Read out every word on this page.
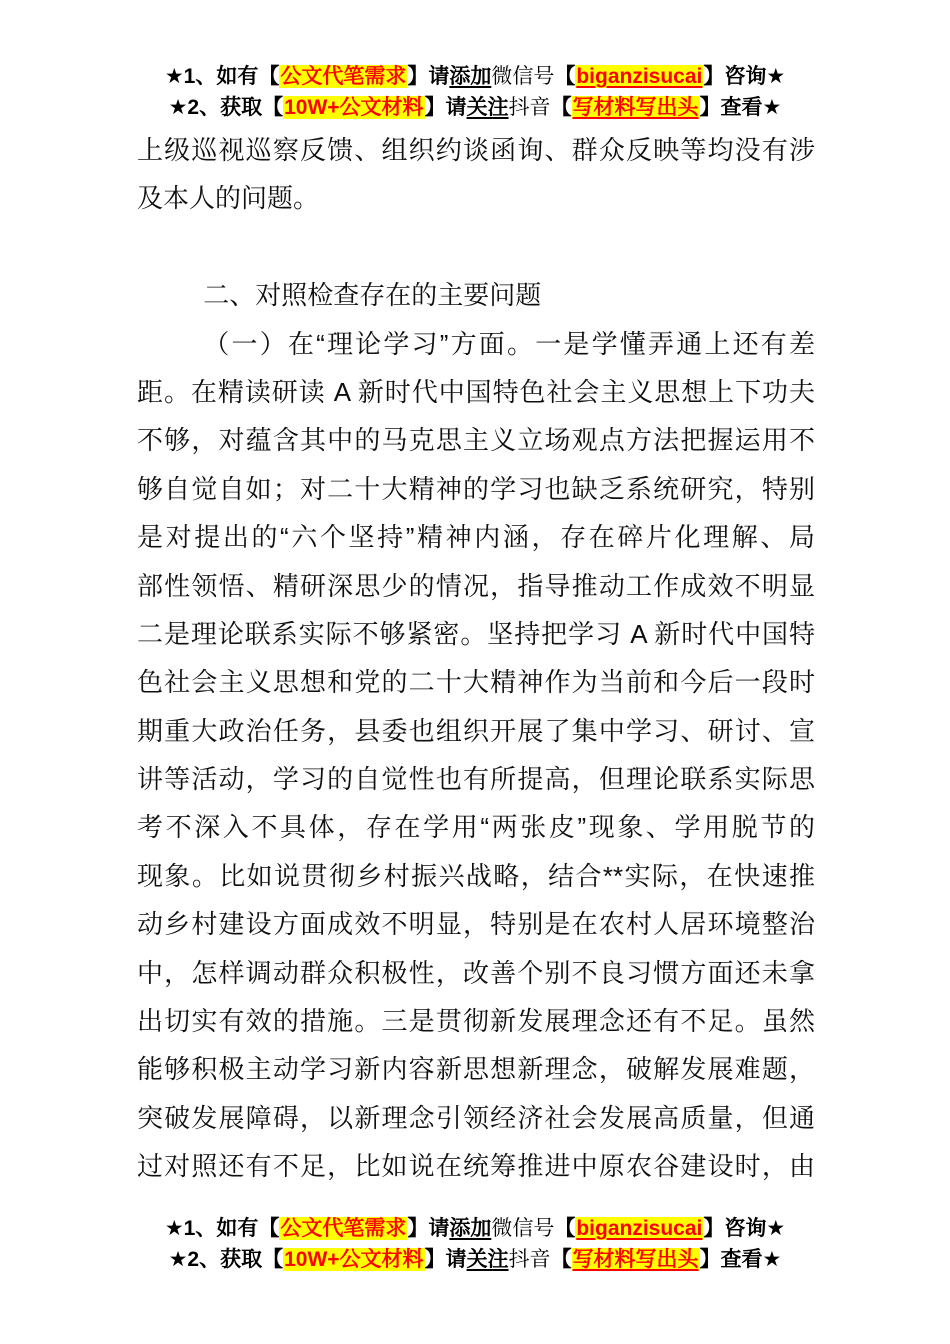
★1、如有【公文代笔需求】请添加微信号【biganzisucai】咨询★
★2、获取【10W+公文材料】请关注抖音【写材料写出头】查看★
上级巡视巡察反馈、组织约谈函询、群众反映等均没有涉
及本人的问题。
二、对照检查存在的主要问题
（一）在“理论学习”方面。一是学懂弄通上还有差
距。在精读研读 A 新时代中国特色社会主义思想上下功夫
不够，对蕴含其中的马克思主义立场观点方法把握运用不
够自觉自如；对二十大精神的学习也缺乏系统研究，特别
是对提出的“六个坚持”精神内涵，存在碎片化理解、局
部性领悟、精研深思少的情况，指导推动工作成效不明显
二是理论联系实际不够紧密。坚持把学习 A 新时代中国特
色社会主义思想和党的二十大精神作为当前和今后一段时
期重大政治任务，县委也组织开展了集中学习、研讨、宣
讲等活动，学习的自觉性也有所提高，但理论联系实际思
考不深入不具体，存在学用“两张皮”现象、学用脱节的
现象。比如说贯彻乡村振兴战略，结合**实际，在快速推
动乡村建设方面成效不明显，特别是在农村人居环境整治
中，怎样调动群众积极性，改善个别不良习惯方面还未拿
出切实有效的措施。三是贯彻新发展理念还有不足。虽然
能够积极主动学习新内容新思想新理念，破解发展难题，
突破发展障碍，以新理念引领经济社会发展高质量，但通
过对照还有不足，比如说在统筹推进中原农谷建设时，由
★1、如有【公文代笔需求】请添加微信号【biganzisucai】咨询★
★2、获取【10W+公文材料】请关注抖音【写材料写出头】查看★
